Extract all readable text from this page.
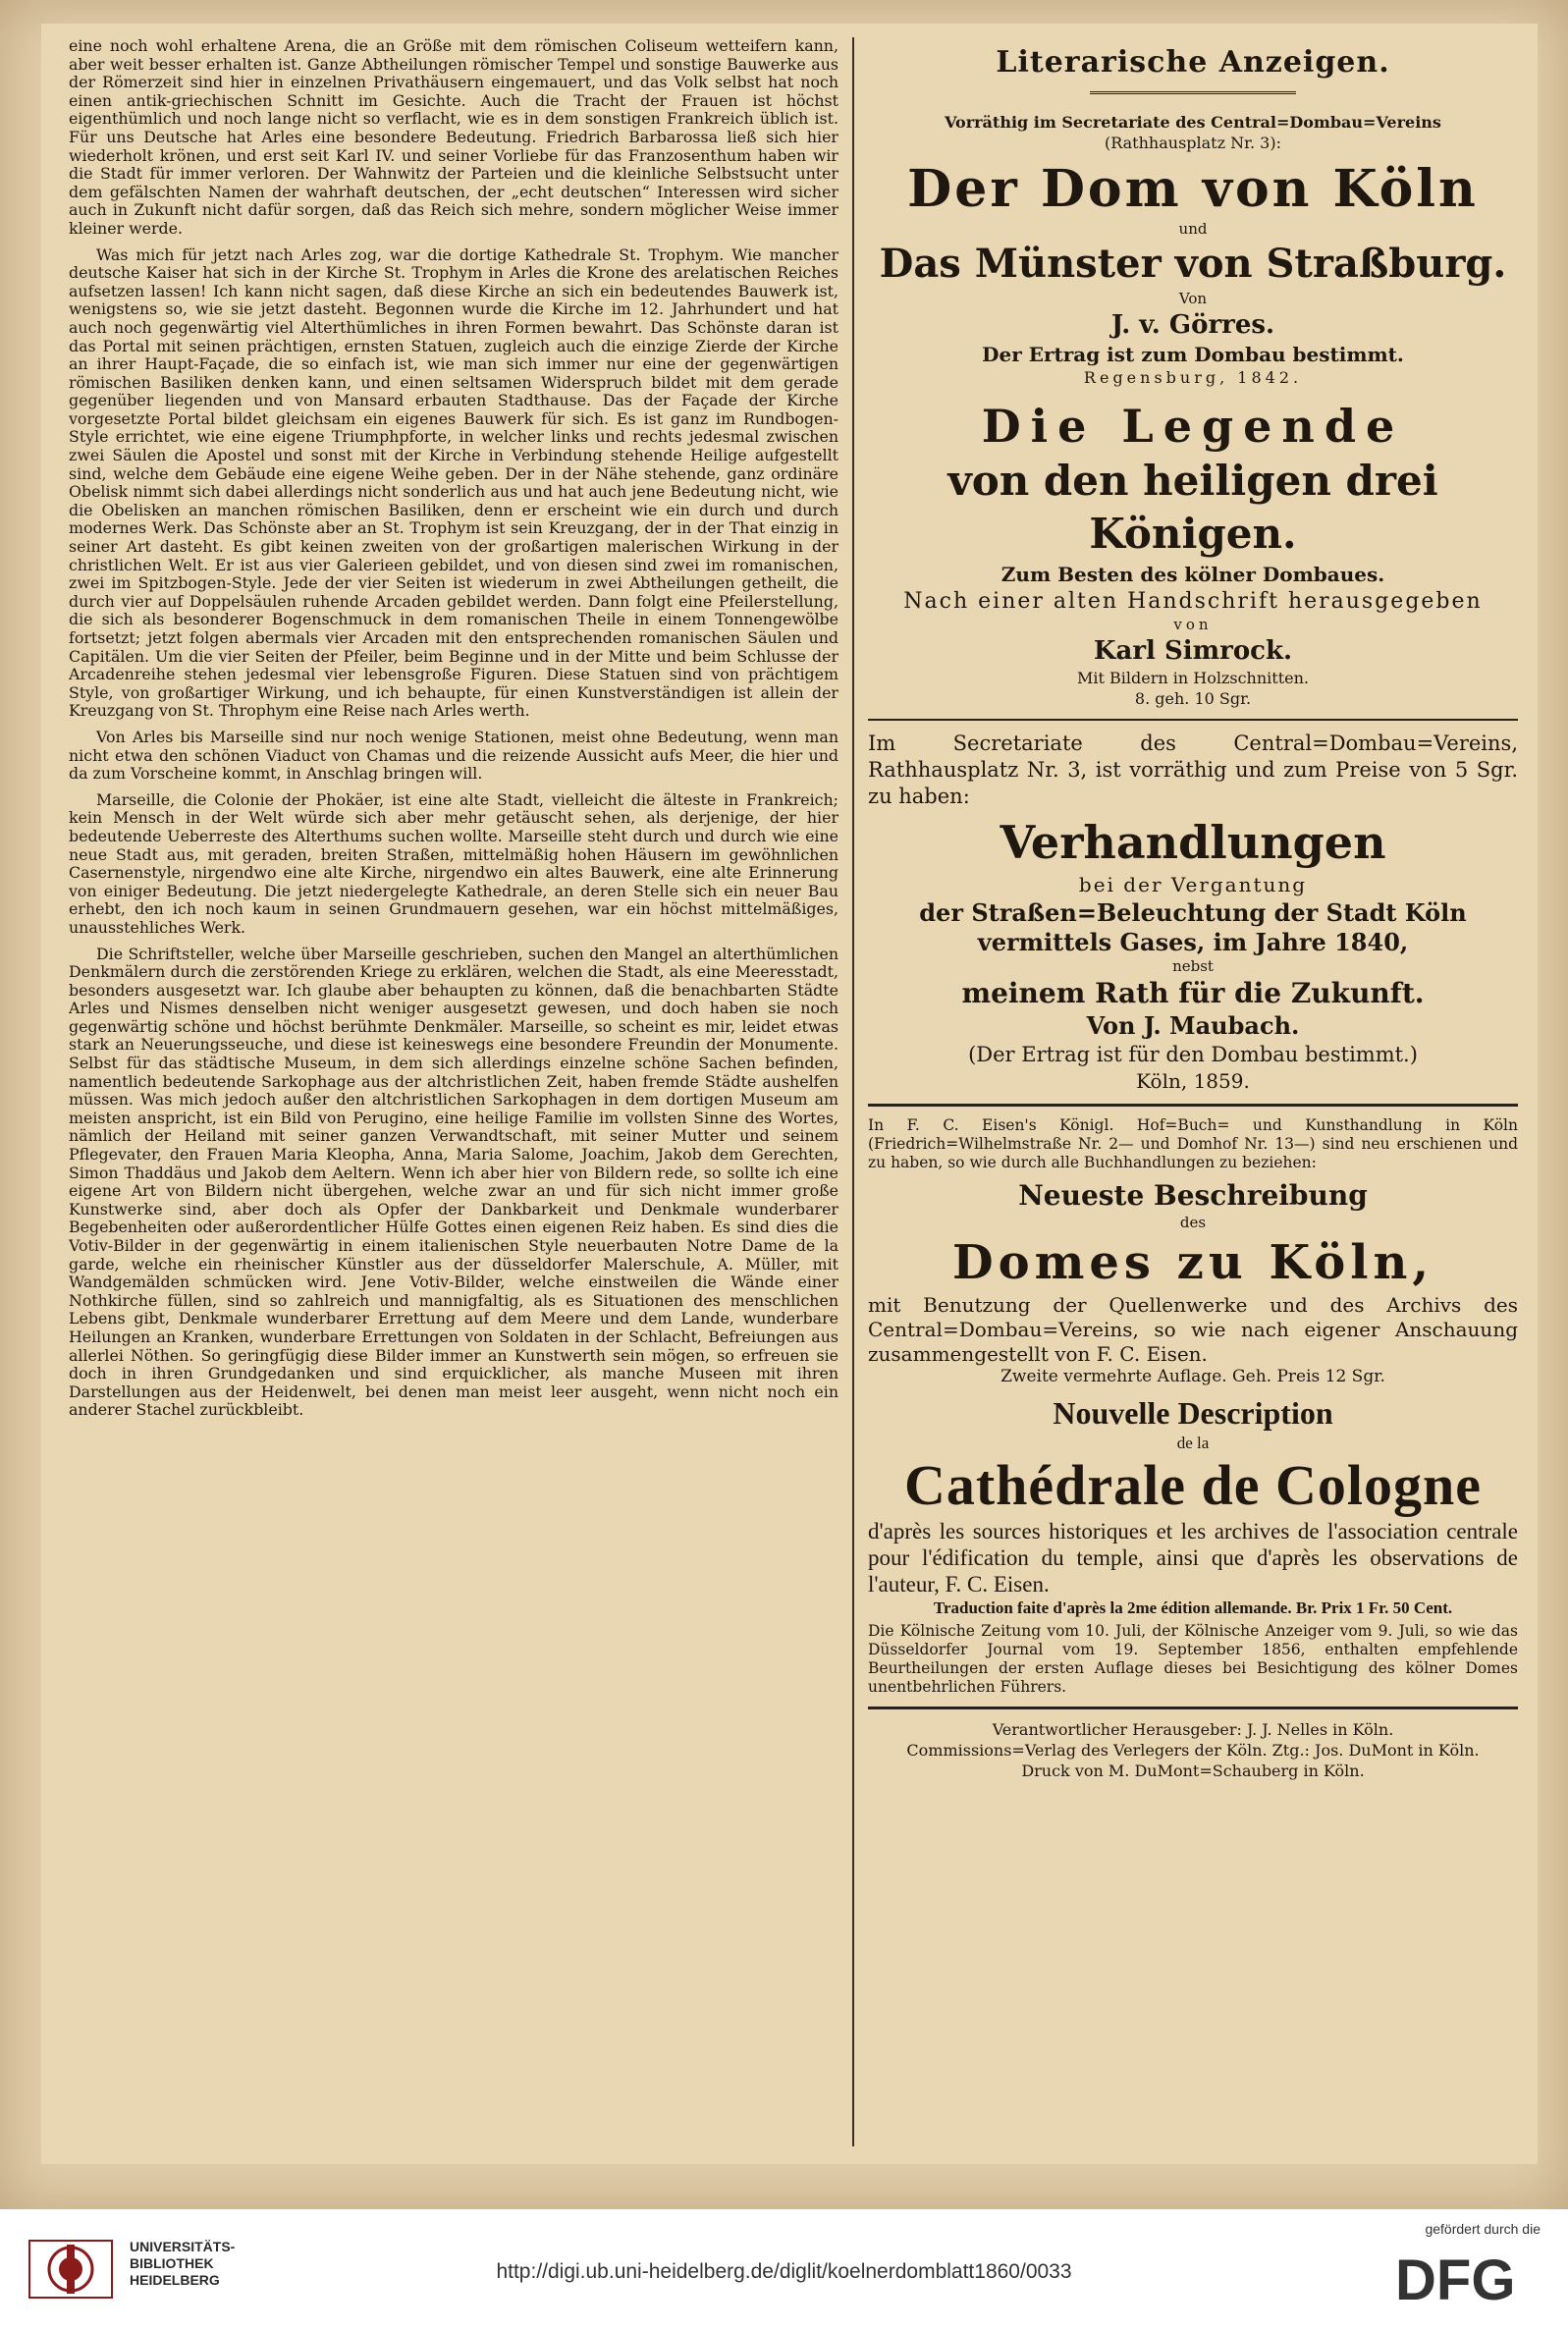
eine noch wohl erhaltene Arena, die an Größe mit dem römischen Coliseum wetteifern kann, aber weit besser erhalten ist. Ganze Abtheilungen römischer Tempel und sonstige Bauwerke aus der Römerzeit sind hier in einzelnen Privathäusern eingemauert, und das Volk selbst hat noch einen antik-griechischen Schnitt im Gesichte. Auch die Tracht der Frauen ist höchst eigenthümlich und noch lange nicht so verflacht, wie es in dem sonstigen Frankreich üblich ist. Für uns Deutsche hat Arles eine besondere Bedeutung. Friedrich Barbarossa ließ sich hier wiederholt krönen, und erst seit Karl IV. und seiner Vorliebe für das Franzosenthum haben wir die Stadt für immer verloren. Der Wahnwitz der Parteien und die kleinliche Selbstsucht unter dem gefälschten Namen der wahrhaft deutschen, der „echt deutschen“ Interessen wird sicher auch in Zukunft nicht dafür sorgen, daß das Reich sich mehre, sondern möglicher Weise immer kleiner werde.

Was mich für jetzt nach Arles zog, war die dortige Kathedrale St. Trophym. Wie mancher deutsche Kaiser hat sich in der Kirche St. Trophym in Arles die Krone des arelatischen Reiches aufsetzen lassen! Ich kann nicht sagen, daß diese Kirche an sich ein bedeutendes Bauwerk ist, wenigstens so, wie sie jetzt dasteht. Begonnen wurde die Kirche im 12. Jahrhundert und hat auch noch gegenwärtig viel Alterthümliches in ihren Formen bewahrt. Das Schönste daran ist das Portal mit seinen prächtigen, ernsten Statuen, zugleich auch die einzige Zierde der Kirche an ihrer Haupt-Façade, die so einfach ist, wie man sich immer nur eine der gegenwärtigen römischen Basiliken denken kann, und einen seltsamen Widerspruch bildet mit dem gerade gegenüber liegenden und von Mansard erbauten Stadthause. Das der Façade der Kirche vorgesetzte Portal bildet gleichsam ein eigenes Bauwerk für sich. Es ist ganz im Rundbogen-Style errichtet, wie eine eigene Triumphpforte, in welcher links und rechts jedesmal zwischen zwei Säulen die Apostel und sonst mit der Kirche in Verbindung stehende Heilige aufgestellt sind, welche dem Gebäude eine eigene Weihe geben. Der in der Nähe stehende, ganz ordinäre Obelisk nimmt sich dabei allerdings nicht sonderlich aus und hat auch jene Bedeutung nicht, wie die Obelisken an manchen römischen Basiliken, denn er erscheint wie ein durch und durch modernes Werk. Das Schönste aber an St. Trophym ist sein Kreuzgang, der in der That einzig in seiner Art dasteht. Es gibt keinen zweiten von der großartigen malerischen Wirkung in der christlichen Welt. Er ist aus vier Galerieen gebildet, und von diesen sind zwei im romanischen, zwei im Spitzbogen-Style. Jede der vier Seiten ist wiederum in zwei Abtheilungen getheilt, die durch vier auf Doppelsäulen ruhende Arcaden gebildet werden. Dann folgt eine Pfeilerstellung, die sich als besonderer Bogenschmuck in dem romanischen Theile in einem Tonnengewölbe fortsetzt; jetzt folgen abermals vier Arcaden mit den entsprechenden romanischen Säulen und Capitälen. Um die vier Seiten der Pfeiler, beim Beginne und in der Mitte und beim Schlusse der Arcadenreihe stehen jedesmal vier lebensgroße Figuren. Diese Statuen sind von prächtigem Style, von großartiger Wirkung, und ich behaupte, für einen Kunstverständigen ist allein der Kreuzgang von St. Throphym eine Reise nach Arles werth.

Von Arles bis Marseille sind nur noch wenige Stationen, meist ohne Bedeutung, wenn man nicht etwa den schönen Viaduct von Chamas und die reizende Aussicht aufs Meer, die hier und da zum Vorscheine kommt, in Anschlag bringen will.

Marseille, die Colonie der Phokäer, ist eine alte Stadt, vielleicht die älteste in Frankreich; kein Mensch in der Welt würde sich aber mehr getäuscht sehen, als derjenige, der hier bedeutende Ueberreste des Alterthums suchen wollte. Marseille steht durch und durch wie eine neue Stadt aus, mit geraden, breiten Straßen, mittelmäßig hohen Häusern im gewöhnlichen Casernenstyle, nirgendwo eine alte Kirche, nirgendwo ein altes Bauwerk, eine alte Erinnerung von einiger Bedeutung. Die jetzt niedergelegte Kathedrale, an deren Stelle sich ein neuer Bau erhebt, den ich noch kaum in seinen Grundmauern gesehen, war ein höchst mittelmäßiges, unausstehliches Werk.

Die Schriftsteller, welche über Marseille geschrieben, suchen den Mangel an alterthümlichen Denkmälern durch die zerstörenden Kriege zu erklären, welchen die Stadt, als eine Meeresstadt, besonders ausgesetzt war. Ich glaube aber behaupten zu können, daß die benachbarten Städte Arles und Nismes denselben nicht weniger ausgesetzt gewesen, und doch haben sie noch gegenwärtig schöne und höchst berühmte Denkmäler. Marseille, so scheint es mir, leidet etwas stark an Neuerungsseuche, und diese ist keineswegs eine besondere Freundin der Monumente. Selbst für das städtische Museum, in dem sich allerdings einzelne schöne Sachen befinden, namentlich bedeutende Sarkophage aus der altchristlichen Zeit, haben fremde Städte aushelfen müssen. Was mich jedoch außer den altchristlichen Sarkophagen in dem dortigen Museum am meisten anspricht, ist ein Bild von Perugino, eine heilige Familie im vollsten Sinne des Wortes, nämlich der Heiland mit seiner ganzen Verwandtschaft, mit seiner Mutter und seinem Pflegevater, den Frauen Maria Kleopha, Anna, Maria Salome, Joachim, Jakob dem Gerechten, Simon Thaddäus und Jakob dem Aeltern. Wenn ich aber hier von Bildern rede, so sollte ich eine eigene Art von Bildern nicht übergehen, welche zwar an und für sich nicht immer große Kunstwerke sind, aber doch als Opfer der Dankbarkeit und Denkmale wunderbarer Begebenheiten oder außerordentlicher Hülfe Gottes einen eigenen Reiz haben. Es sind dies die Votiv-Bilder in der gegenwärtig in einem italienischen Style neuerbauten Notre Dame de la garde, welche ein rheinischer Künstler aus der düsseldorfer Malerschule, A. Müller, mit Wandgemälden schmücken wird. Jene Votiv-Bilder, welche einstweilen die Wände einer Nothkirche füllen, sind so zahlreich und mannigfaltig, als es Situationen des menschlichen Lebens gibt, Denkmale wunderbarer Errettung auf dem Meere und dem Lande, wunderbare Heilungen an Kranken, wunderbare Errettungen von Soldaten in der Schlacht, Befreiungen aus allerlei Nöthen. So geringfügig diese Bilder immer an Kunstwerth sein mögen, so erfreuen sie doch in ihren Grundgedanken und sind erquicklicher, als manche Museen mit ihren Darstellungen aus der Heidenwelt, bei denen man meist leer ausgeht, wenn nicht noch ein anderer Stachel zurückbleibt.

Literarische Anzeigen.
Vorräthig im Secretariate des Central=Dombau=Vereins
(Rathhausplatz Nr. 3):
Der Dom von Köln
und
Das Münster von Straßburg.
Von
J. v. Görres.
Der Ertrag ist zum Dombau bestimmt.
Regensburg, 1842.
Die Legende
von den heiligen drei Königen.
Zum Besten des kölner Dombaues.
Nach einer alten Handschrift herausgegeben
von
Karl Simrock.
Mit Bildern in Holzschnitten.
8. geh. 10 Sgr.
Im Secretariate des Central=Dombau=Vereins, Rathhausplatz Nr. 3, ist vorräthig und zum Preise von 5 Sgr. zu haben:
Verhandlungen
bei der Vergantung
der Straßen=Beleuchtung der Stadt Köln
vermittels Gases, im Jahre 1840,
nebst
meinem Rath für die Zukunft.
Von J. Maubach.
(Der Ertrag ist für den Dombau bestimmt.)
Köln, 1859.
In F. C. Eisen's Königl. Hof=Buch= und Kunsthandlung in Köln (Friedrich=Wilhelmstraße Nr. 2— und Domhof Nr. 13—) sind neu erschienen und zu haben, so wie durch alle Buchhandlungen zu beziehen:
Neueste Beschreibung
des
Domes zu Köln,
mit Benutzung der Quellenwerke und des Archivs des Central=Dombau=Vereins, so wie nach eigener Anschauung zusammengestellt von F. C. Eisen.
Zweite vermehrte Auflage. Geh. Preis 12 Sgr.
Nouvelle Description
de la
Cathédrale de Cologne
d'après les sources historiques et les archives de l'association centrale pour l'édification du temple, ainsi que d'après les observations de l'auteur, F. C. Eisen.
Traduction faite d'après la 2me édition allemande. Br. Prix 1 Fr. 50 Cent.
Die Kölnische Zeitung vom 10. Juli, der Kölnische Anzeiger vom 9. Juli, so wie das Düsseldorfer Journal vom 19. September 1856, enthalten empfehlende Beurtheilungen der ersten Auflage dieses bei Besichtigung des kölner Domes unentbehrlichen Führers.
Verantwortlicher Herausgeber: J. J. Nelles in Köln.
Commissions=Verlag des Verlegers der Köln. Ztg.: Jos. DuMont in Köln.
Druck von M. DuMont=Schauberg in Köln.
UNIVERSITÄTS-
BIBLIOTHEK
HEIDELBERG	http://digi.ub.uni-heidelberg.de/diglit/koelnerdomblatt1860/0033
gefördert durch die
DFG
